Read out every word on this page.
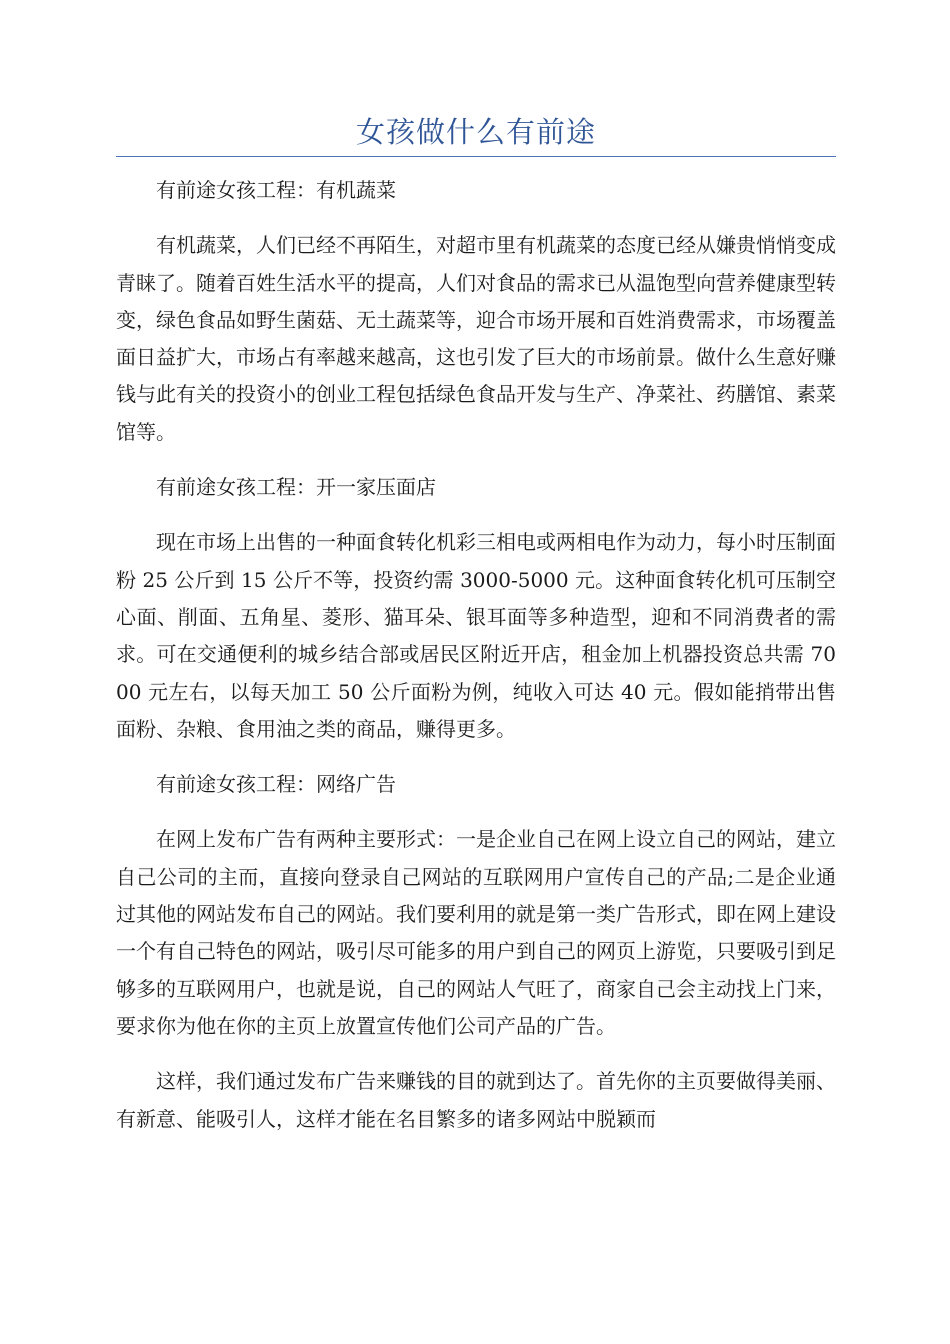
女孩做什么有前途

有前途女孩工程：有机蔬菜

有机蔬菜，人们已经不再陌生，对超市里有机蔬菜的态度已经从嫌贵悄悄变成青睐了。随着百姓生活水平的提高，人们对食品的需求已从温饱型向营养健康型转变，绿色食品如野生菌菇、无土蔬菜等，迎合市场开展和百姓消费需求，市场覆盖面日益扩大，市场占有率越来越高，这也引发了巨大的市场前景。做什么生意好赚钱与此有关的投资小的创业工程包括绿色食品开发与生产、净菜社、药膳馆、素菜馆等。

有前途女孩工程：开一家压面店

现在市场上出售的一种面食转化机彩三相电或两相电作为动力，每小时压制面粉 25 公斤到 15 公斤不等，投资约需 3000-5000 元。这种面食转化机可压制空心面、削面、五角星、菱形、猫耳朵、银耳面等多种造型，迎和不同消费者的需求。可在交通便利的城乡结合部或居民区附近开店，租金加上机器投资总共需 7000 元左右，以每天加工 50 公斤面粉为例，纯收入可达 40 元。假如能捎带出售面粉、杂粮、食用油之类的商品，赚得更多。

有前途女孩工程：网络广告

在网上发布广告有两种主要形式：一是企业自己在网上设立自己的网站，建立自己公司的主而，直接向登录自己网站的互联网用户宣传自己的产品;二是企业通过其他的网站发布自己的网站。我们要利用的就是第一类广告形式，即在网上建设一个有自己特色的网站，吸引尽可能多的用户到自己的网页上游览，只要吸引到足够多的互联网用户，也就是说，自己的网站人气旺了，商家自己会主动找上门来，要求你为他在你的主页上放置宣传他们公司产品的广告。

这样，我们通过发布广告来赚钱的目的就到达了。首先你的主页要做得美丽、有新意、能吸引人，这样才能在名目繁多的诸多网站中脱颖而
